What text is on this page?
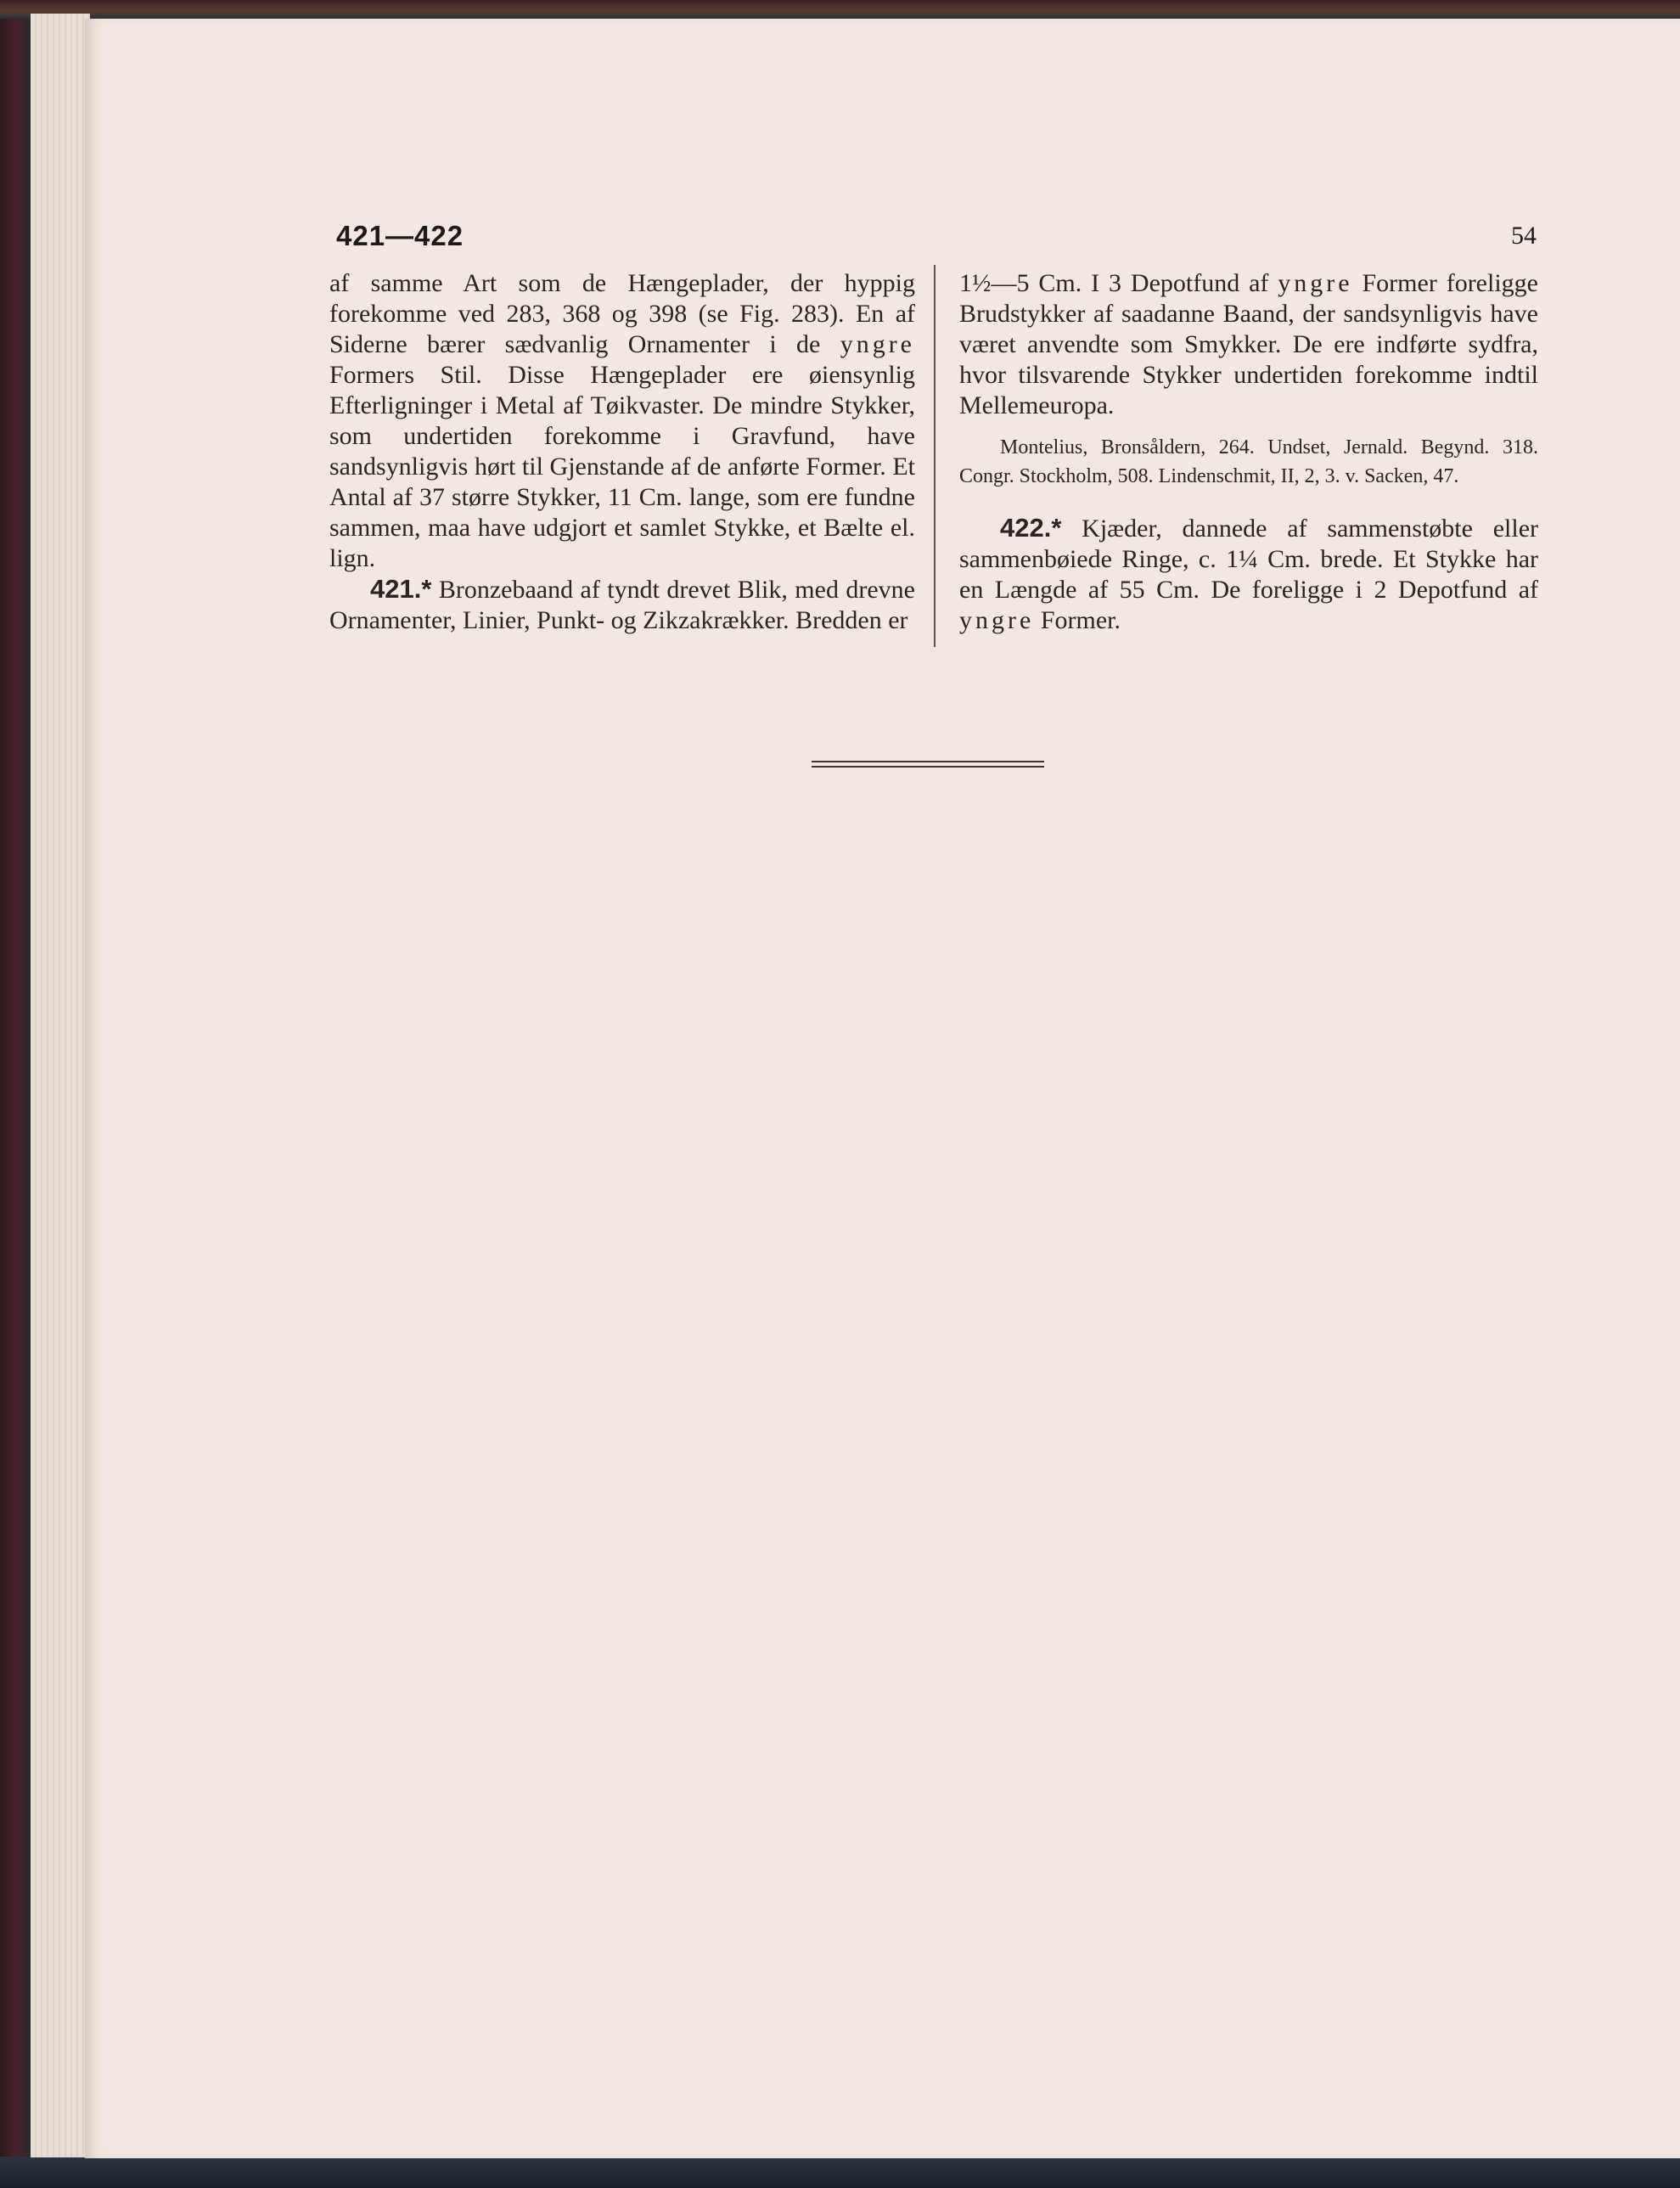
421—422	54

af samme Art som de Hængeplader, der hyppig forekomme ved 283, 368 og 398 (se Fig. 283). En af Siderne bærer sædvanlig Ornamenter i de yngre Formers Stil. Disse Hængeplader ere øiensynlig Efterligninger i Metal af Tøikvaster. De mindre Stykker, som undertiden forekomme i Gravfund, have sandsynligvis hørt til Gjenstande af de anførte Former. Et Antal af 37 større Stykker, 11 Cm. lange, som ere fundne sammen, maa have udgjort et samlet Stykke, et Bælte el. lign.

421.* Bronzebaand af tyndt drevet Blik, med drevne Ornamenter, Linier, Punkt- og Zikzakrækker. Bredden er

1½—5 Cm. I 3 Depotfund af yngre Former foreligge Brudstykker af saadanne Baand, der sandsynligvis have været anvendte som Smykker. De ere indførte sydfra, hvor tilsvarende Stykker undertiden forekomme indtil Mellemeuropa.

Montelius, Bronsåldern, 264. Undset, Jernald. Begynd. 318. Congr. Stockholm, 508. Lindenschmit, II, 2, 3. v. Sacken, 47.

422.* Kjæder, dannede af sammenstøbte eller sammenbøiede Ringe, c. 1¼ Cm. brede. Et Stykke har en Længde af 55 Cm. De foreligge i 2 Depotfund af yngre Former.
